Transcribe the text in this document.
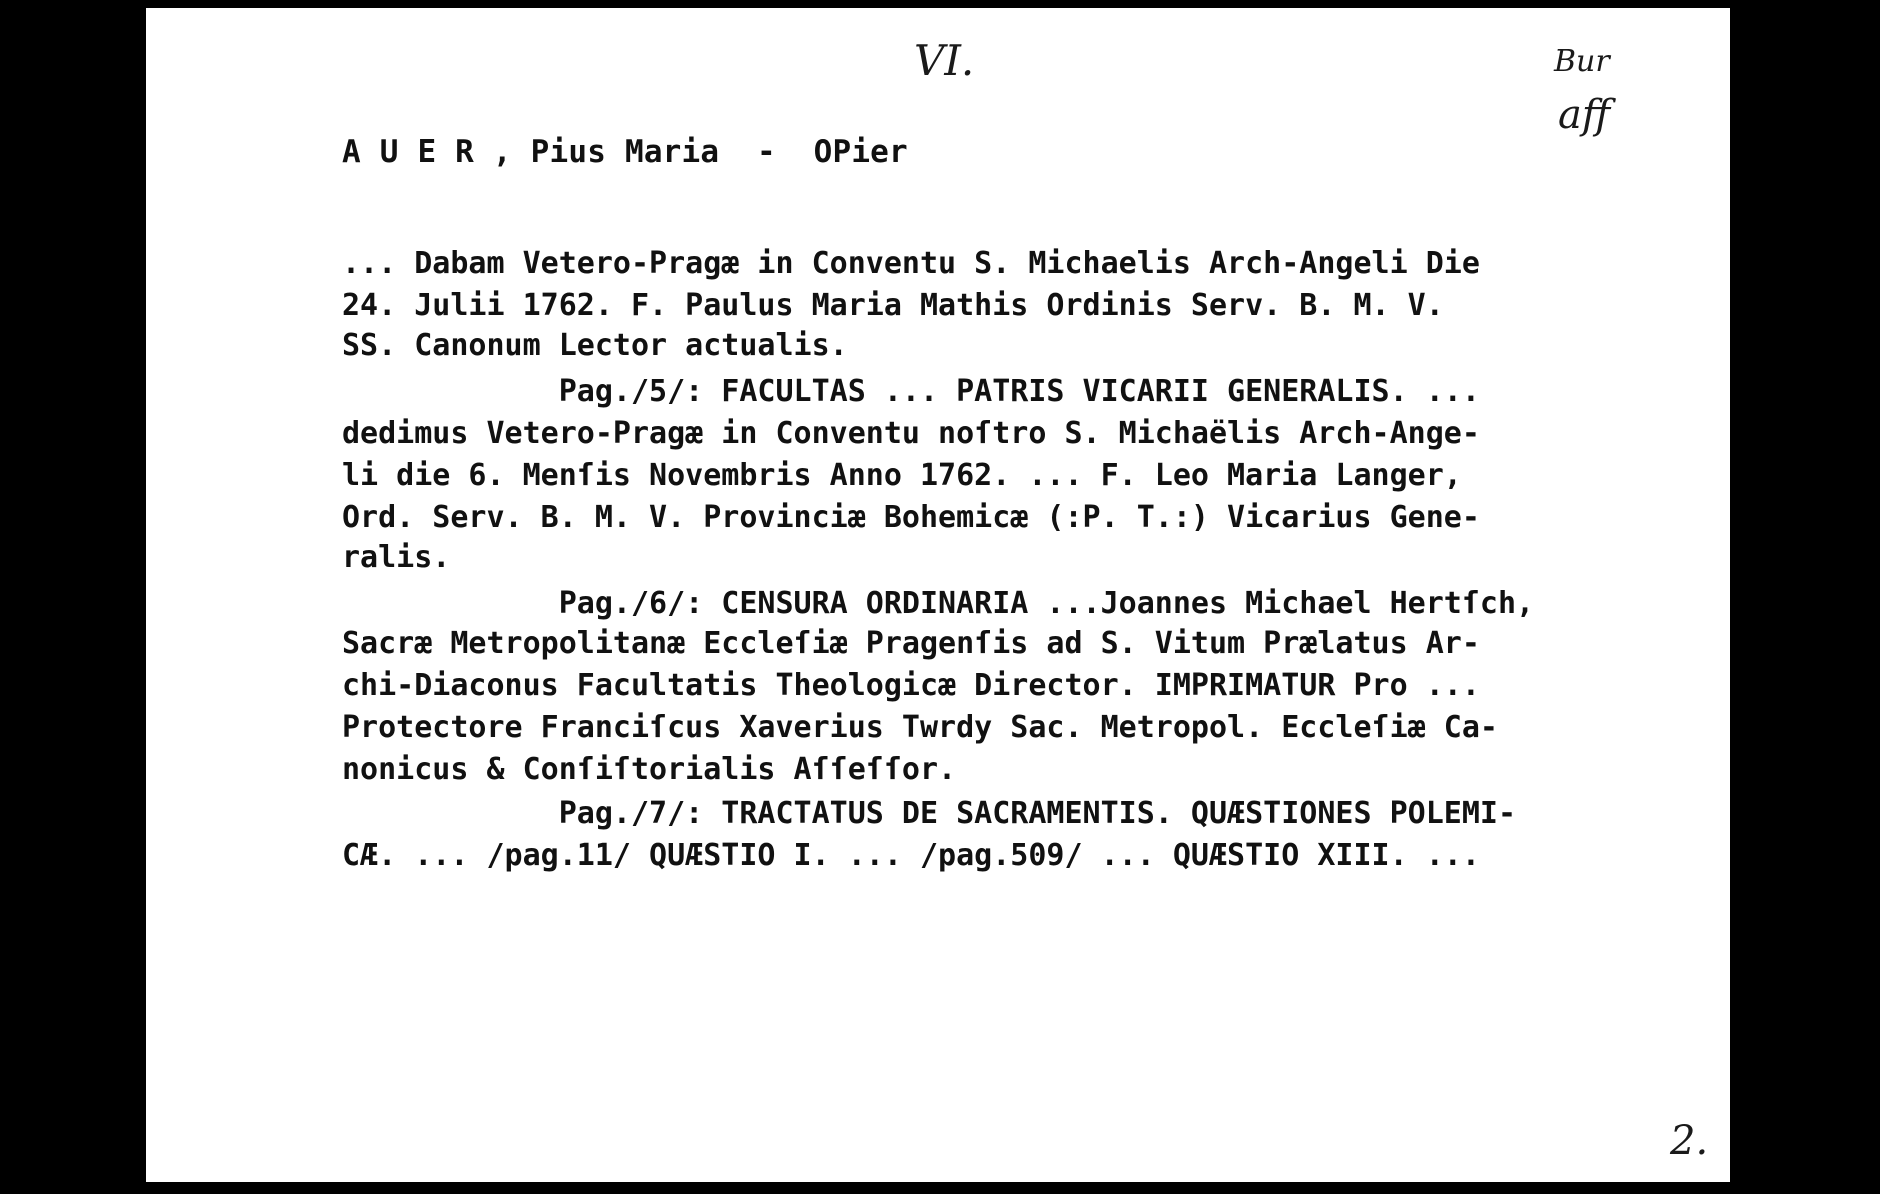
VI.	Bur
aff
A U E R , Pius Maria  -  OPier
... Dabam Vetero-Pragæ in Conventu S. Michaelis Arch-Angeli Die
24. Julii 1762. F. Paulus Maria Mathis Ordinis Serv. B. M. V.
SS. Canonum Lector actualis.
Pag./5/: FACULTAS ... PATRIS VICARII GENERALIS. ...
dedimus Vetero-Pragæ in Conventu noſtro S. Michaëlis Arch-Ange-
li die 6. Menſis Novembris Anno 1762. ... F. Leo Maria Langer,
Ord. Serv. B. M. V. Provinciæ Bohemicæ (:P. T.:) Vicarius Gene-
ralis.
Pag./6/: CENSURA ORDINARIA ...Joannes Michael Hertſch,
Sacræ Metropolitanæ Eccleſiæ Pragenſis ad S. Vitum Prælatus Ar-
chi-Diaconus Facultatis Theologicæ Director. IMPRIMATUR Pro ...
Protectore Franciſcus Xaverius Twrdy Sac. Metropol. Eccleſiæ Ca-
nonicus & Conſiſtorialis Aſſeſſor.
Pag./7/: TRACTATUS DE SACRAMENTIS. QUÆSTIONES POLEMI-
CÆ. ... /pag.11/ QUÆSTIO I. ... /pag.509/ ... QUÆSTIO XIII. ...
2.
